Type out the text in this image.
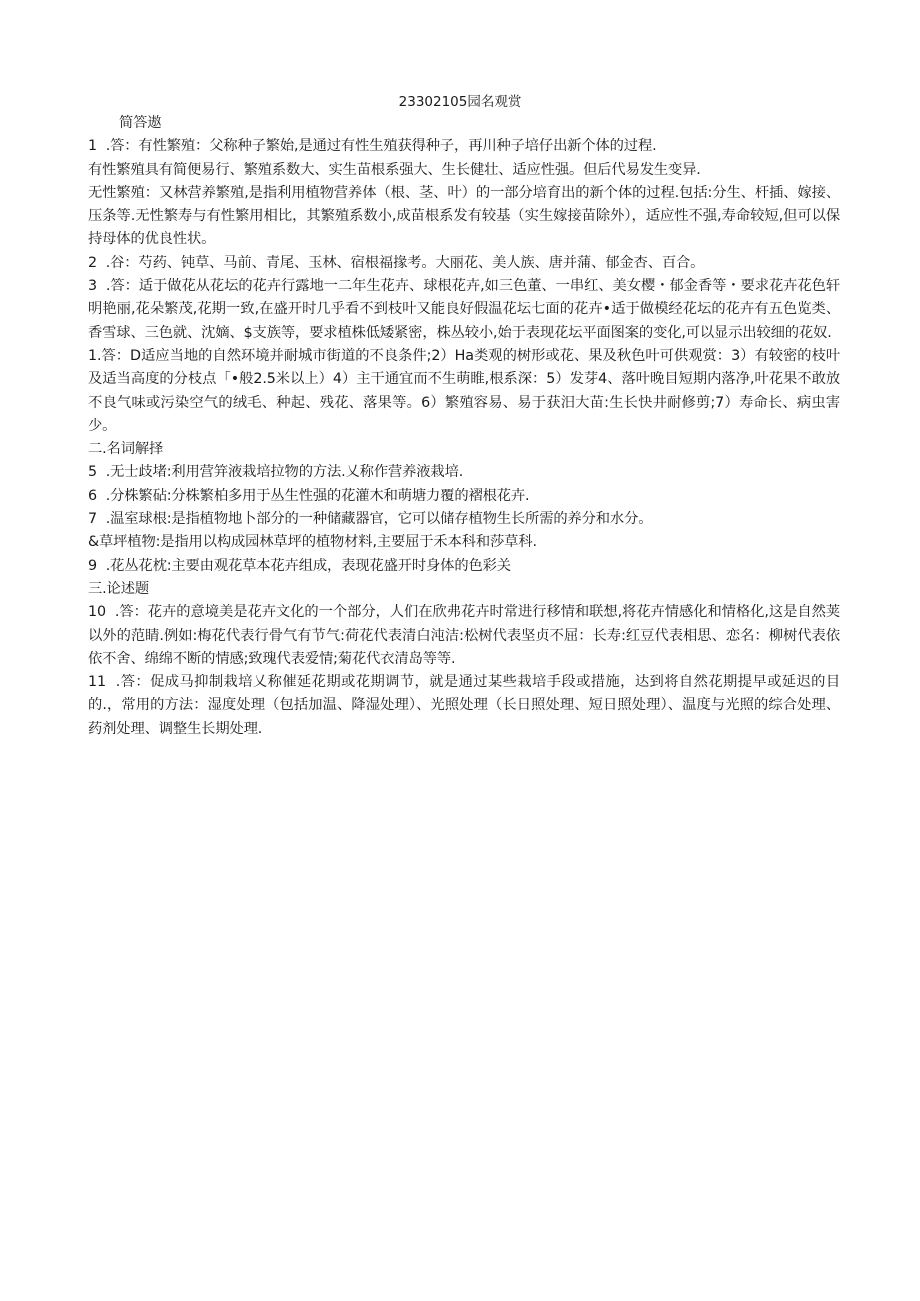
23302105园名观赏

简答遨

1  .答：有性繁殖：父称种子繁始,是通过有性生殖获得种子，再川种子培仔出新个体的过程.

有性繁殖具有简便易行、繁殖系数大、实生苗根系强大、生长健壮、适应性强。但后代易发生变异.

无性繁殖：又林营养繁殖,是指利用植物营养体（根、茎、叶）的一部分培育出的新个体的过程.包括:分生、杆插、嫁接、压条等.无性繁寿与有性繁用相比，其繁殖系数小,成苗根系发有较基（实生嫁接苗除外），适应性不强,寿命较短,但可以保持母体的优良性状。

2  .谷：芍药、钝草、马前、青尾、玉林、宿根福掾考。大丽花、美人族、唐并蒲、郁金杏、百合。

3  .答：适于做花从花坛的花卉行露地一二年生花卉、球根花卉,如三色董、一串红、美女樱・郁金香等・要求花卉花色轩明艳丽,花朵繁茂,花期一致,在盛开时几乎看不到枝叶又能良好假温花坛七面的花卉•适于做模经花坛的花卉有五色览类、香雪球、三色就、沈嫡、$支族等，要求植株低矮紧密，株丛较小,始于表现花坛平面图案的变化,可以显示出较细的花奴.

1.答：D适应当地的自然环境并耐城市街道的不良条件;2）Ha类观的树形或花、果及秋色叶可供观赏：3）有较密的枝叶及适当高度的分枝点「•般2.5米以上）4）主干通宜而不生萌睢,根系深：5）发芽4、落叶晚目短期内落净,叶花果不敢放不良气味或污染空气的绒毛、种起、残花、落果等。6）繁殖容易、易于获汨大苗:生长快井耐修剪;7）寿命长、病虫害少。

二.名词解择

5  .无士歧堵:利用营笄液栽培拉物的方法.乂称作营养液栽培.

6  .分株繁砧:分株繁柏多用于丛生性强的花灌木和萌塘力覆的褶根花卉.

7  .温室球根:是指植物地卜部分的一种储藏器官，它可以储存植物生长所需的养分和水分。

&草坪植物:是指用以构成园林草坪的植物材料,主要屈于禾本科和莎草科.

9  .花丛花枕:主要由观花草本花卉组成，表现花盛开时身体的色彩关

三.论述题

10  .答：花卉的意境美是花卉文化的一个部分，人们在欣弗花卉时常进行移情和联想,将花卉情感化和情格化,这是自然荚以外的范睛.例如:梅花代表行骨气有节气:荷花代表清白沌洁:松树代表坚贞不屈：长寿:红豆代表相思、恋名：柳树代表依依不舍、绵绵不断的情感;致瑰代表爱情;菊花代衣清岛等等.

11  .答：促成马抑制栽培乂称催延花期或花期调节，就是通过某些栽培手段或措施，达到将自然花期提早或延迟的目的.，常用的方法：湿度处理（包括加温、降湿处理）、光照处理（长日照处理、短日照处理）、温度与光照的综合处理、药剂处理、调整生长期处理.
